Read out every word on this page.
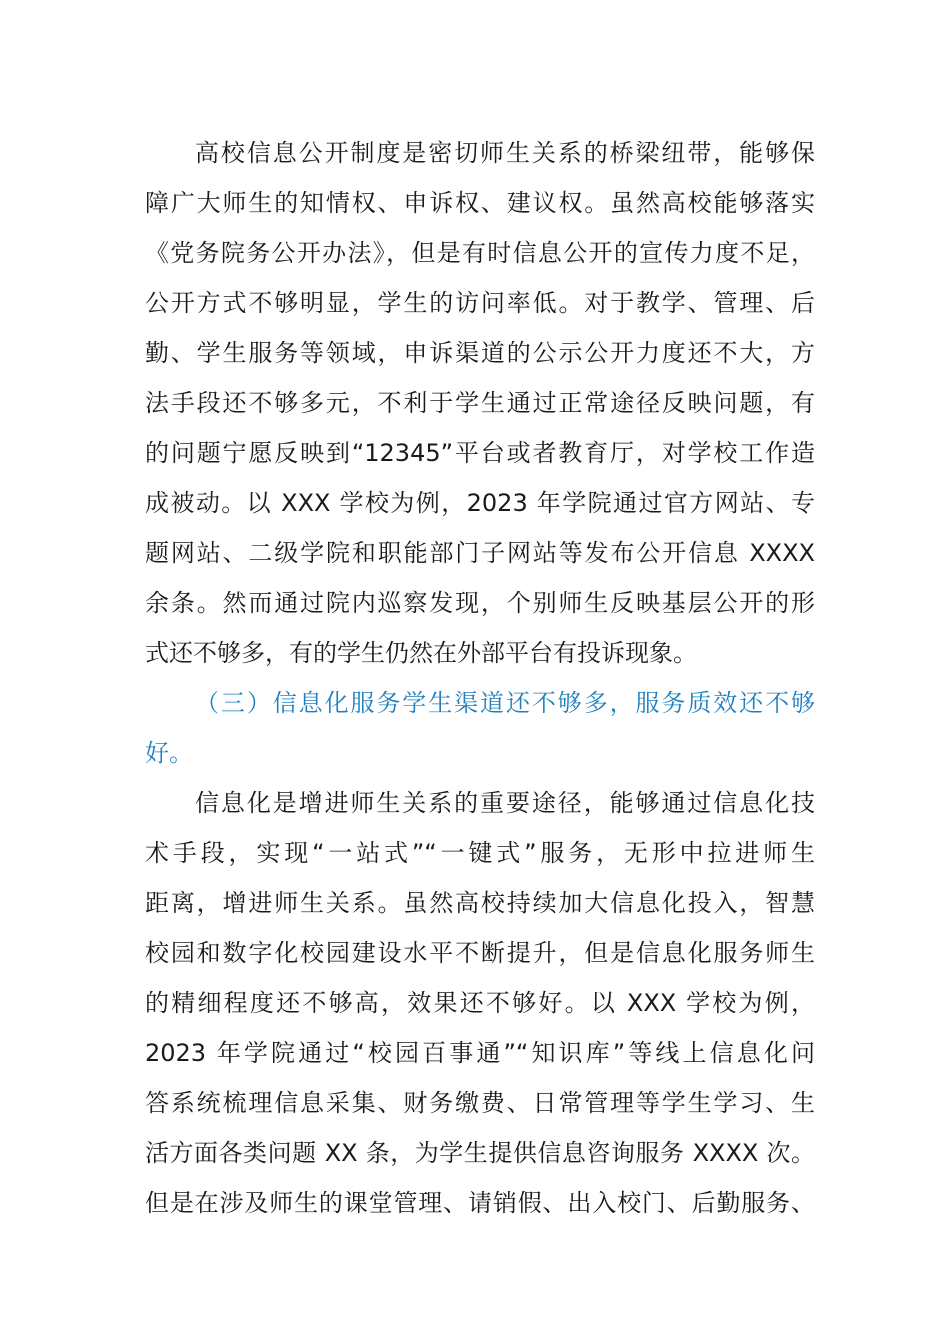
高校信息公开制度是密切师生关系的桥梁纽带，能够保
障广大师生的知情权、申诉权、建议权。虽然高校能够落实
《党务院务公开办法》，但是有时信息公开的宣传力度不足，
公开方式不够明显，学生的访问率低。对于教学、管理、后
勤、学生服务等领域，申诉渠道的公示公开力度还不大，方
法手段还不够多元，不利于学生通过正常途径反映问题，有
的问题宁愿反映到“12345”平台或者教育厅，对学校工作造
成被动。以 XXX 学校为例，2023 年学院通过官方网站、专
题网站、二级学院和职能部门子网站等发布公开信息 XXXX
余条。然而通过院内巡察发现，个别师生反映基层公开的形
式还不够多，有的学生仍然在外部平台有投诉现象。
（三）信息化服务学生渠道还不够多，服务质效还不够
好。
信息化是增进师生关系的重要途径，能够通过信息化技
术手段，实现“一站式”“一键式”服务，无形中拉进师生
距离，增进师生关系。虽然高校持续加大信息化投入，智慧
校园和数字化校园建设水平不断提升，但是信息化服务师生
的精细程度还不够高，效果还不够好。以 XXX 学校为例，
2023 年学院通过“校园百事通”“知识库”等线上信息化问
答系统梳理信息采集、财务缴费、日常管理等学生学习、生
活方面各类问题 XX 条，为学生提供信息咨询服务 XXXX 次。
但是在涉及师生的课堂管理、请销假、出入校门、后勤服务、
